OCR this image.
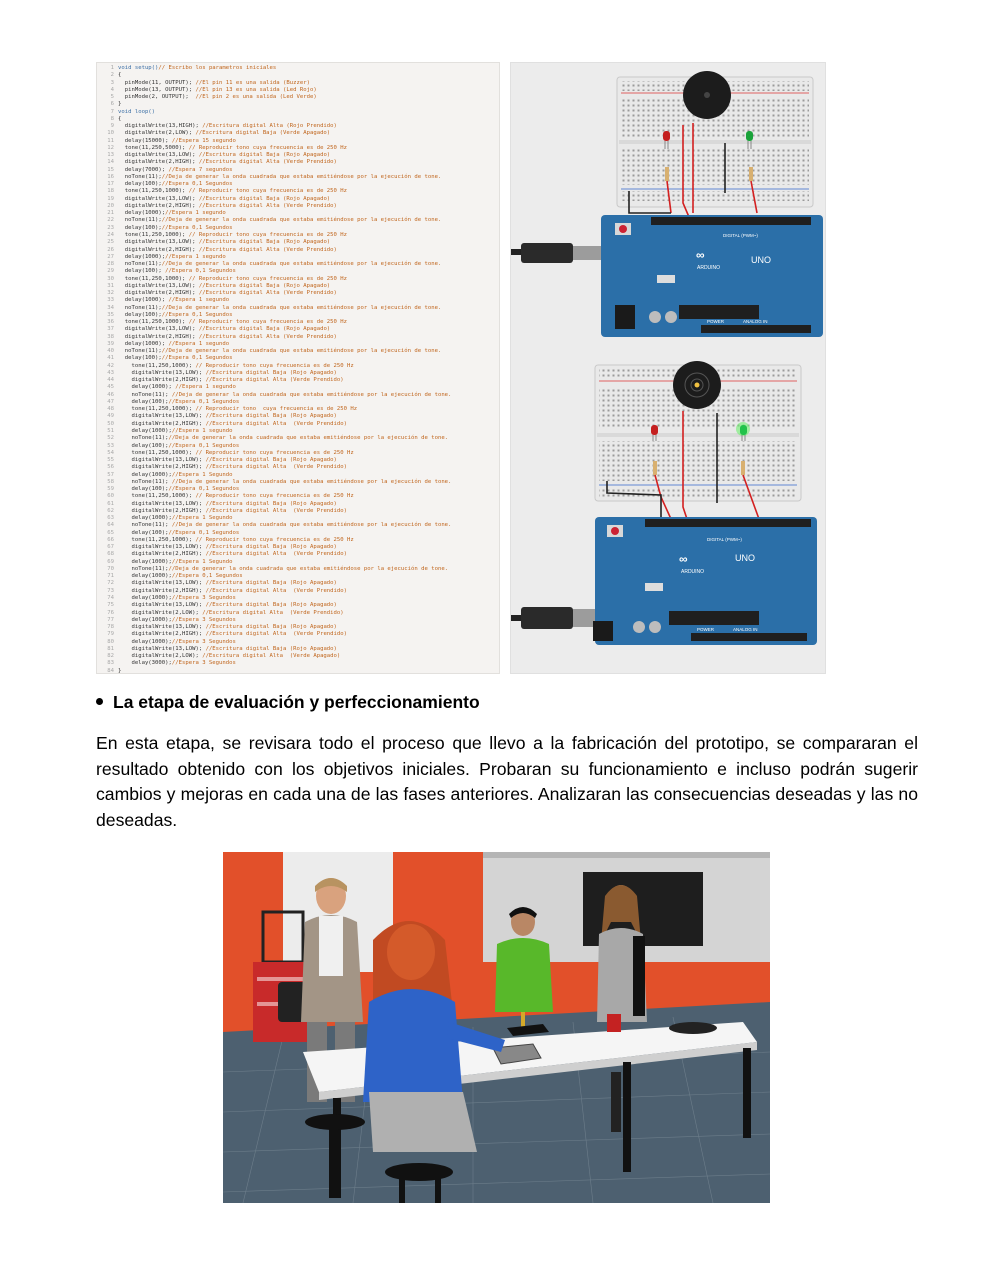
1 void setup()// Escribo los parametros iniciales
2 {
3  pinMode(11, OUTPUT); //El pin 11 es una salida (Buzzer)
4  pinMode(13, OUTPUT); //El pin 13 es una salida (Led Rojo)
5  pinMode(2, OUTPUT);  //El pin 2 es una salida (Led Verde)
6 }
7 void loop()
8 {
9  digitalWrite(13,HIGH); //Escritura digital Alta (Rojo Prendido)
10  digitalWrite(2,LOW); //Escritura digital Baja (Verde Apagado)
11  delay(15000); //Espera 15 segundo
12  tone(11,250,5000); // Reproducir tono cuya frecuencia es de 250 Hz
13  digitalWrite(13,LOW); //Escritura digital Baja (Rojo Apagado)
14  digitalWrite(2,HIGH); //Escritura digital Alta (Verde Prendido)
15  delay(7000); //Espera 7 segundos
16  noTone(11);//Deja de generar la onda cuadrada que estaba emitiéndose por la ejecución de tone.
17  delay(100);//Espera 0,1 Segundos
18  tone(11,250,1000); // Reproducir tono cuya frecuencia es de 250 Hz
19  digitalWrite(13,LOW); //Escritura digital Baja (Rojo Apagado)
20  digitalWrite(2,HIGH); //Escritura digital Alta (Verde Prendido)
21  delay(1000);//Espera 1 segundo
22  noTone(11);//Deja de generar la onda cuadrada que estaba emitiéndose por la ejecución de tone.
23  delay(100);//Espera 0,1 Segundos
24  tone(11,250,1000); // Reproducir tono cuya frecuencia es de 250 Hz
25  digitalWrite(13,LOW); //Escritura digital Baja (Rojo Apagado)
26  digitalWrite(2,HIGH); //Escritura digital Alta (Verde Prendido)
27  delay(1000);//Espera 1 segundo
28  noTone(11);//Deja de generar la onda cuadrada que estaba emitiéndose por la ejecución de tone.
29  delay(100); //Espera 0,1 Segundos
30  tone(11,250,1000); // Reproducir tono cuya frecuencia es de 250 Hz
31  digitalWrite(13,LOW); //Escritura digital Baja (Rojo Apagado)
32  digitalWrite(2,HIGH); //Escritura digital Alta (Verde Prendido)
33  delay(1000); //Espera 1 segundo
34  noTone(11);//Deja de generar la onda cuadrada que estaba emitiéndose por la ejecución de tone.
35  delay(100);//Espera 0,1 Segundos
36  tone(11,250,1000); // Reproducir tono cuya frecuencia es de 250 Hz
37  digitalWrite(13,LOW); //Escritura digital Baja (Rojo Apagado)
38  digitalWrite(2,HIGH); //Escritura digital Alta (Verde Prendido)
39  delay(1000); //Espera 1 segundo
40  noTone(11);//Deja de generar la onda cuadrada que estaba emitiéndose por la ejecución de tone.
41  delay(100);//Espera 0,1 Segundos
42    tone(11,250,1000); // Reproducir tono cuya frecuencia es de 250 Hz
43    digitalWrite(13,LOW); //Escritura digital Baja (Rojo Apagado)
44    digitalWrite(2,HIGH); //Escritura digital Alta (Verde Prendido)
45    delay(1000); //Espera 1 segundo
46    noTone(11); //Deja de generar la onda cuadrada que estaba emitiéndose por la ejecución de tone.
47    delay(100);//Espera 0,1 Segundos
48    tone(11,250,1000); // Reproducir tono  cuya frecuencia es de 250 Hz
49    digitalWrite(13,LOW); //Escritura digital Baja (Rojo Apagado)
50    digitalWrite(2,HIGH); //Escritura digital Alta  (Verde Prendido)
51    delay(1000);//Espera 1 segundo
52    noTone(11);//Deja de generar la onda cuadrada que estaba emitiéndose por la ejecución de tone.
53    delay(100);//Espera 0,1 Segundos
54    tone(11,250,1000); // Reproducir tono cuya frecuencia es de 250 Hz
55    digitalWrite(13,LOW); //Escritura digital Baja (Rojo Apagado)
56    digitalWrite(2,HIGH); //Escritura digital Alta  (Verde Prendido)
57    delay(1000);//Espera 1 Segundo
58    noTone(11); //Deja de generar la onda cuadrada que estaba emitiéndose por la ejecución de tone.
59    delay(100);//Espera 0,1 Segundos
60    tone(11,250,1000); // Reproducir tono cuya frecuencia es de 250 Hz
61    digitalWrite(13,LOW); //Escritura digital Baja (Rojo Apagado)
62    digitalWrite(2,HIGH); //Escritura digital Alta  (Verde Prendido)
63    delay(1000);//Espera 1 Segundo
64    noTone(11); //Deja de generar la onda cuadrada que estaba emitiéndose por la ejecución de tone.
65    delay(100);//Espera 0,1 Segundos
66    tone(11,250,1000); // Reproducir tono cuya frecuencia es de 250 Hz
67    digitalWrite(13,LOW); //Escritura digital Baja (Rojo Apagado)
68    digitalWrite(2,HIGH); //Escritura digital Alta  (Verde Prendido)
69    delay(1000);//Espera 1 Segundo
70    noTone(11);//Deja de generar la onda cuadrada que estaba emitiéndose por la ejecución de tone.
71    delay(1000);//Espera 0,1 Segundos
72    digitalWrite(13,LOW); //Escritura digital Baja (Rojo Apagado)
73    digitalWrite(2,HIGH); //Escritura digital Alta  (Verde Prendido)
74    delay(1000);//Espera 3 Segundos
75    digitalWrite(13,LOW); //Escritura digital Baja (Rojo Apagado)
76    digitalWrite(2,LOW); //Escritura digital Alta  (Verde Prendido)
77    delay(1000);//Espera 3 Segundos
78    digitalWrite(13,LOW); //Escritura digital Baja (Rojo Apagado)
79    digitalWrite(2,HIGH); //Escritura digital Alta  (Verde Prendido)
80    delay(1000);//Espera 3 Segundos
81    digitalWrite(13,LOW); //Escritura digital Baja (Rojo Apagado)
82    digitalWrite(2,LOW); //Escritura digital Alta  (Verde Apagado)
83    delay(3000);//Espera 3 Segundos
84 }
∞	UNO
ARDUINO
DIGITAL (PWM~)
POWER	ANALOG IN
∞	UNO
ARDUINO
DIGITAL (PWM~)
POWER	ANALOG IN
La etapa de evaluación y perfeccionamiento
En esta etapa, se revisara todo el proceso que llevo a la fabricación del prototipo, se compararan el resultado obtenido con los objetivos iniciales. Probaran su funcionamiento e incluso podrán sugerir cambios y mejoras en cada una de las fases anteriores. Analizaran las consecuencias deseadas y las no deseadas.
